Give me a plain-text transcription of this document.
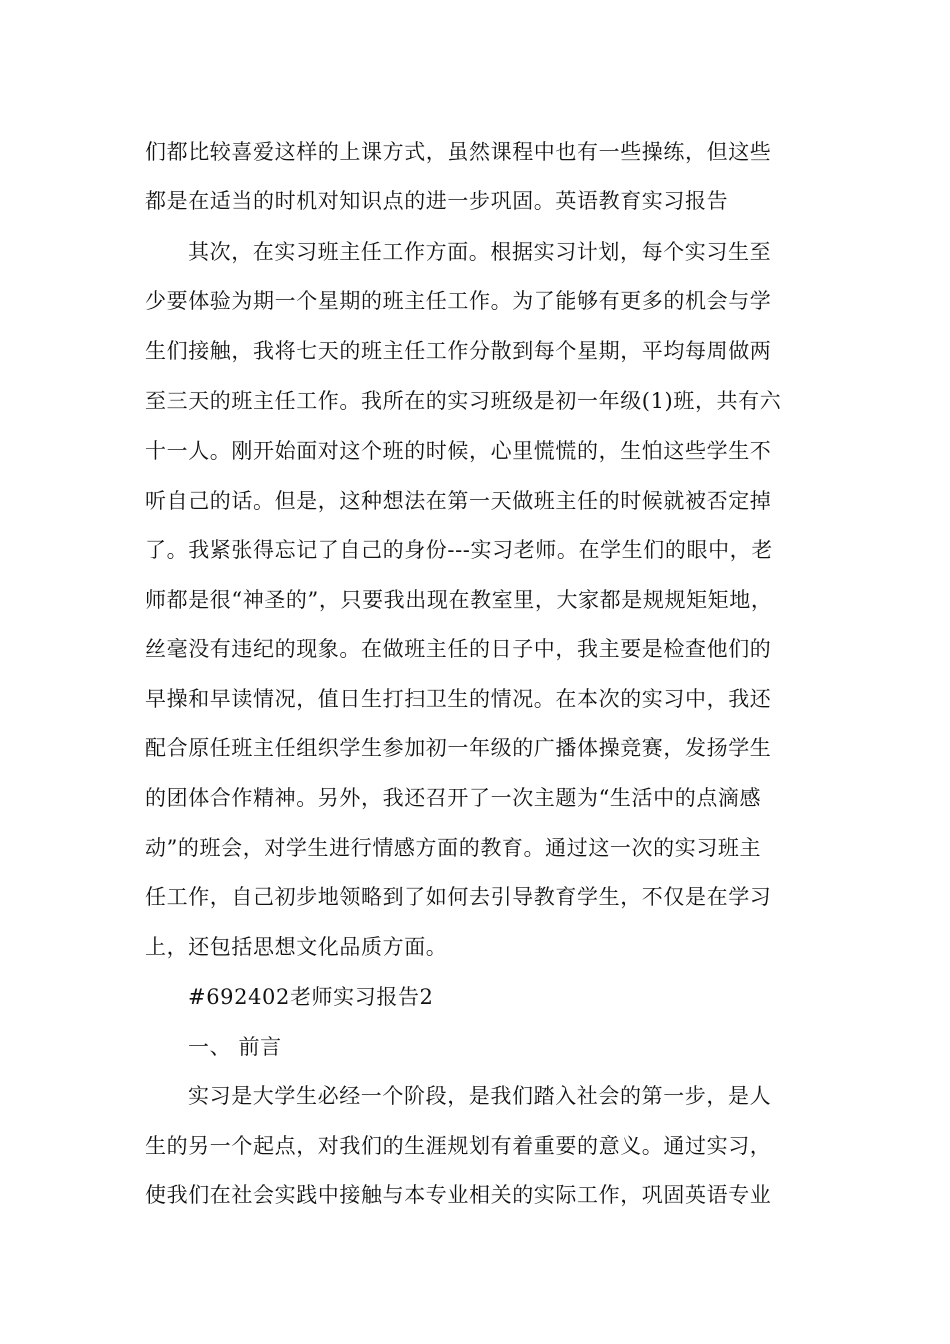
们都比较喜爱这样的上课方式，虽然课程中也有一些操练，但这些
都是在适当的时机对知识点的进一步巩固。英语教育实习报告
其次，在实习班主任工作方面。根据实习计划，每个实习生至
少要体验为期一个星期的班主任工作。为了能够有更多的机会与学
生们接触，我将七天的班主任工作分散到每个星期，平均每周做两
至三天的班主任工作。我所在的实习班级是初一年级(1)班，共有六
十一人。刚开始面对这个班的时候，心里慌慌的，生怕这些学生不
听自己的话。但是，这种想法在第一天做班主任的时候就被否定掉
了。我紧张得忘记了自己的身份---实习老师。在学生们的眼中，老
师都是很“神圣的”，只要我出现在教室里，大家都是规规矩矩地，
丝毫没有违纪的现象。在做班主任的日子中，我主要是检查他们的
早操和早读情况，值日生打扫卫生的情况。在本次的实习中，我还
配合原任班主任组织学生参加初一年级的广播体操竞赛，发扬学生
的团体合作精神。另外，我还召开了一次主题为“生活中的点滴感
动”的班会，对学生进行情感方面的教育。通过这一次的实习班主
任工作，自己初步地领略到了如何去引导教育学生，不仅是在学习
上，还包括思想文化品质方面。
#692402老师实习报告2
一、 前言
实习是大学生必经一个阶段，是我们踏入社会的第一步，是人
生的另一个起点，对我们的生涯规划有着重要的意义。通过实习，
使我们在社会实践中接触与本专业相关的实际工作，巩固英语专业
